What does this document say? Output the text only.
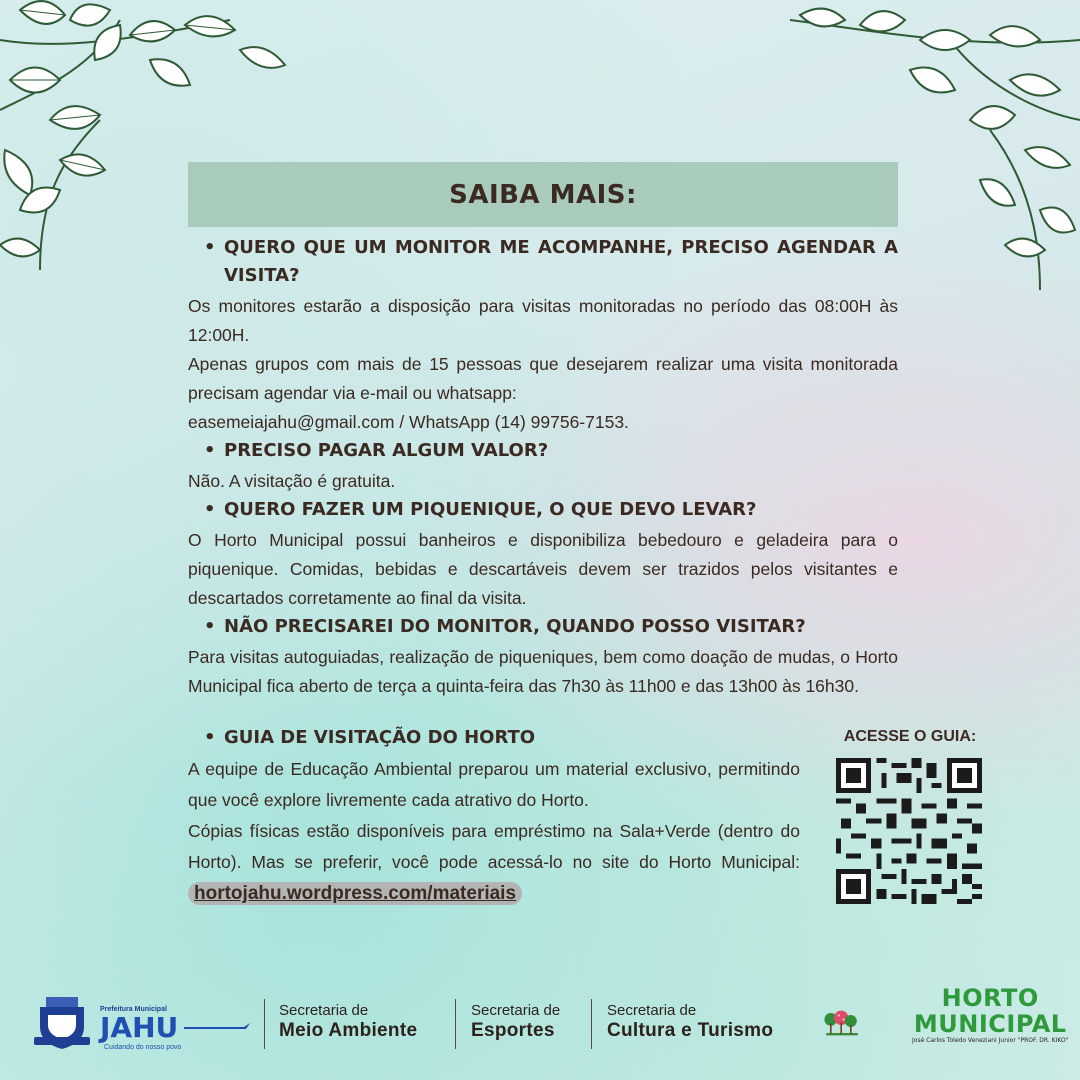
SAIBA MAIS:
• QUERO QUE UM MONITOR ME ACOMPANHE, PRECISO AGENDAR A VISITA?

Os monitores estarão a disposição para visitas monitoradas no período das 08:00H às 12:00H.

Apenas grupos com mais de 15 pessoas que desejarem realizar uma visita monitorada precisam agendar via e-mail ou whatsapp:

easemeiajahu@gmail.com / WhatsApp (14) 99756-7153.

• PRECISO PAGAR ALGUM VALOR?

Não. A visitação é gratuita.

• QUERO FAZER UM PIQUENIQUE, O QUE DEVO LEVAR?

O Horto Municipal possui banheiros e disponibiliza bebedouro e geladeira para o piquenique. Comidas, bebidas e descartáveis devem ser trazidos pelos visitantes e descartados corretamente ao final da visita.

• NÃO PRECISAREI DO MONITOR, QUANDO POSSO VISITAR?

Para visitas autoguiadas, realização de piqueniques, bem como doação de mudas, o Horto Municipal fica aberto de terça a quinta-feira das 7h30 às 11h00 e das 13h00 às 16h30.

• GUIA DE VISITAÇÃO DO HORTO

A equipe de Educação Ambiental preparou um material exclusivo, permitindo que você explore livremente cada atrativo do Horto.

Cópias físicas estão disponíveis para empréstimo na Sala+Verde (dentro do Horto). Mas se preferir, você pode acessá-lo no site do Horto Municipal: hortojahu.wordpress.com/materiais

ACESSE O GUIA:
Prefeitura Municipal
JAHU
Cuidando do nosso povo
Secretaria de
Meio Ambiente
Secretaria de
Esportes
Secretaria de
Cultura e Turismo
HORTO
MUNICIPAL
José Carlos Toledo Veneziani Junior "PROF. DR. KIKO"
